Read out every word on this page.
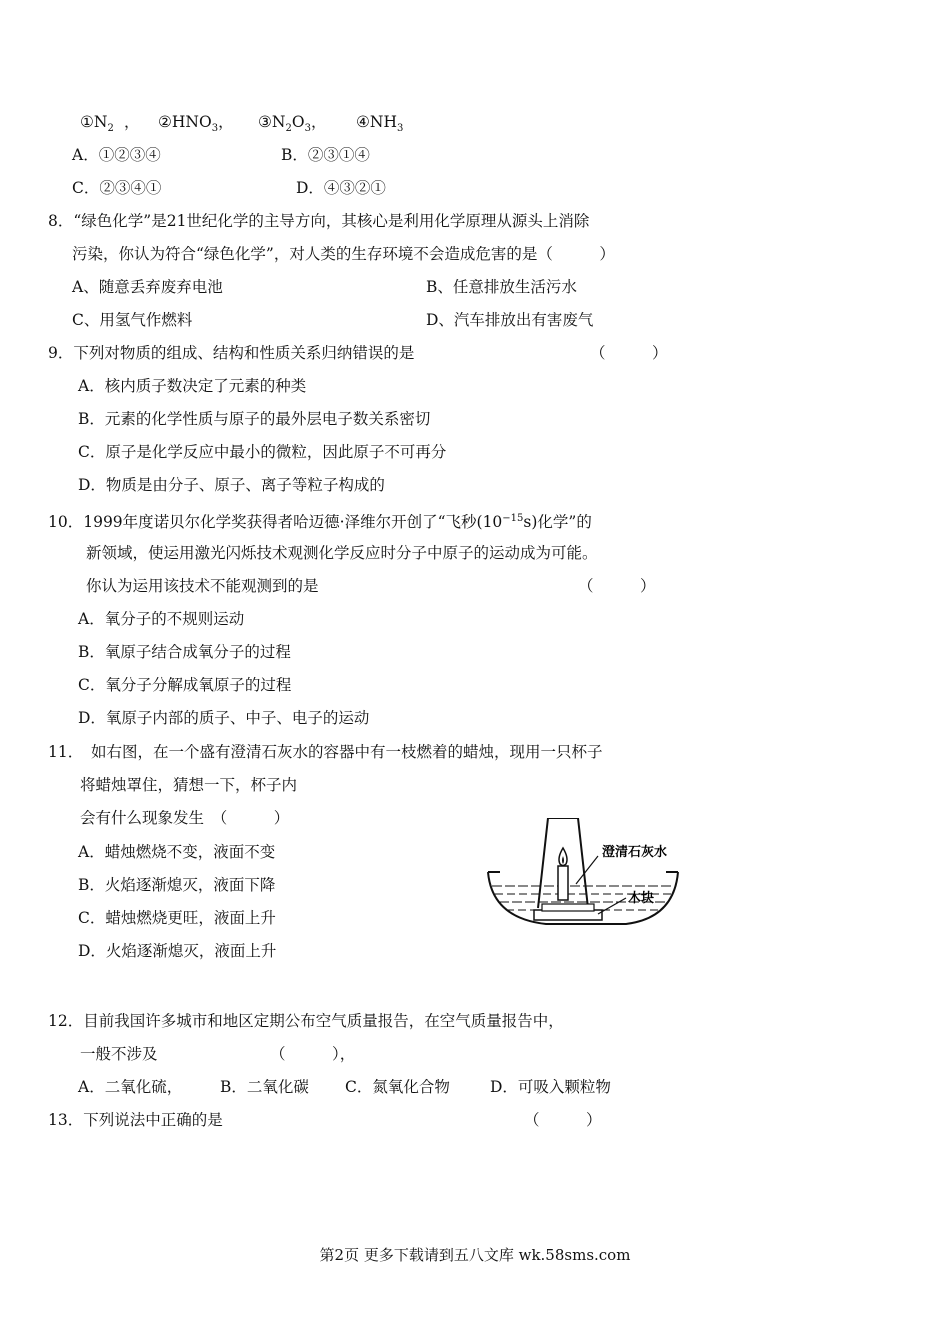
$①N_2$ ， $②HNO_3$， $③N_2O_3$， $④NH_3$
A．①②③④	B．②③①④
C．②③④①	D．④③②①
8．“绿色化学”是21世纪化学的主导方向，其核心是利用化学原理从源头上消除
污染，你认为符合“绿色化学”，对人类的生存环境不会造成危害的是（　　　）
A、随意丢弃废弃电池	B、任意排放生活污水
C、用氢气作燃料	D、汽车排放出有害废气
9．下列对物质的组成、结构和性质关系归纳错误的是	（　　　）
A．核内质子数决定了元素的种类
B．元素的化学性质与原子的最外层电子数关系密切
C．原子是化学反应中最小的微粒，因此原子不可再分
D．物质是由分子、原子、离子等粒子构成的
10．1999年度诺贝尔化学奖获得者哈迈德·泽维尔开创了“飞秒$(10^{-15}s)$化学”的
新领域，使运用激光闪烁技术观测化学反应时分子中原子的运动成为可能。
你认为运用该技术不能观测到的是	（　　　）
A．氧分子的不规则运动
B．氧原子结合成氧分子的过程
C．氧分子分解成氧原子的过程
D．氧原子内部的质子、中子、电子的运动
11．　如右图，在一个盛有澄清石灰水的容器中有一枝燃着的蜡烛，现用一只杯子
将蜡烛罩住，猜想一下，杯子内
会有什么现象发生　（　　　）
A．蜡烛燃烧不变，液面不变
B．火焰逐渐熄灭，液面下降
C．蜡烛燃烧更旺，液面上升
D．火焰逐渐熄灭，液面上升
澄清石灰水
木块
12．目前我国许多城市和地区定期公布空气质量报告，在空气质量报告中，
一般不涉及	（　　　），
A．二氧化硫， B．二氧化碳 C．氮氧化合物	D．可吸入颗粒物
13．下列说法中正确的是	（　　　）
第2页 更多下载请到五八文库 wk.58sms.com
